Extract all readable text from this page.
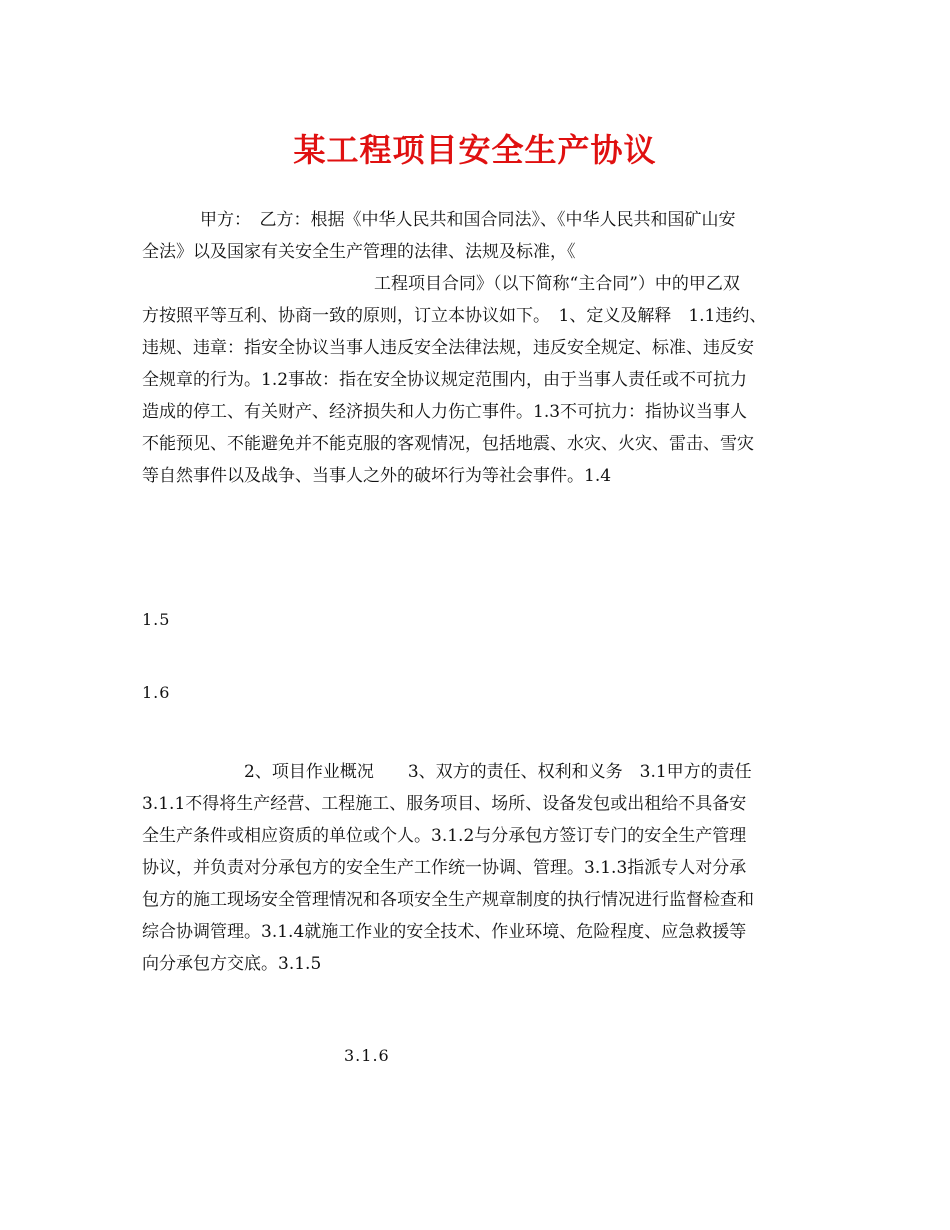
某工程项目安全生产协议
甲方：　乙方：根据《中华人民共和国合同法》、《中华人民共和国矿山安
全法》以及国家有关安全生产管理的法律、法规及标准，《
工程项目合同》（以下简称“主合同”）中的甲乙双
方按照平等互利、协商一致的原则，订立本协议如下。　1、定义及解释　1.1违约、
违规、违章：指安全协议当事人违反安全法律法规，违反安全规定、标准、违反安
全规章的行为。1.2事故：指在安全协议规定范围内，由于当事人责任或不可抗力
造成的停工、有关财产、经济损失和人力伤亡事件。1.3不可抗力：指协议当事人
不能预见、不能避免并不能克服的客观情况，包括地震、水灾、火灾、雷击、雪灾
等自然事件以及战争、当事人之外的破坏行为等社会事件。1.4
1.5
1.6
2、项目作业概况　　3、双方的责任、权利和义务　3.1甲方的责任
3.1.1不得将生产经营、工程施工、服务项目、场所、设备发包或出租给不具备安
全生产条件或相应资质的单位或个人。3.1.2与分承包方签订专门的安全生产管理
协议，并负责对分承包方的安全生产工作统一协调、管理。3.1.3指派专人对分承
包方的施工现场安全管理情况和各项安全生产规章制度的执行情况进行监督检查和
综合协调管理。3.1.4就施工作业的安全技术、作业环境、危险程度、应急救援等
向分承包方交底。3.1.5
3.1.6
